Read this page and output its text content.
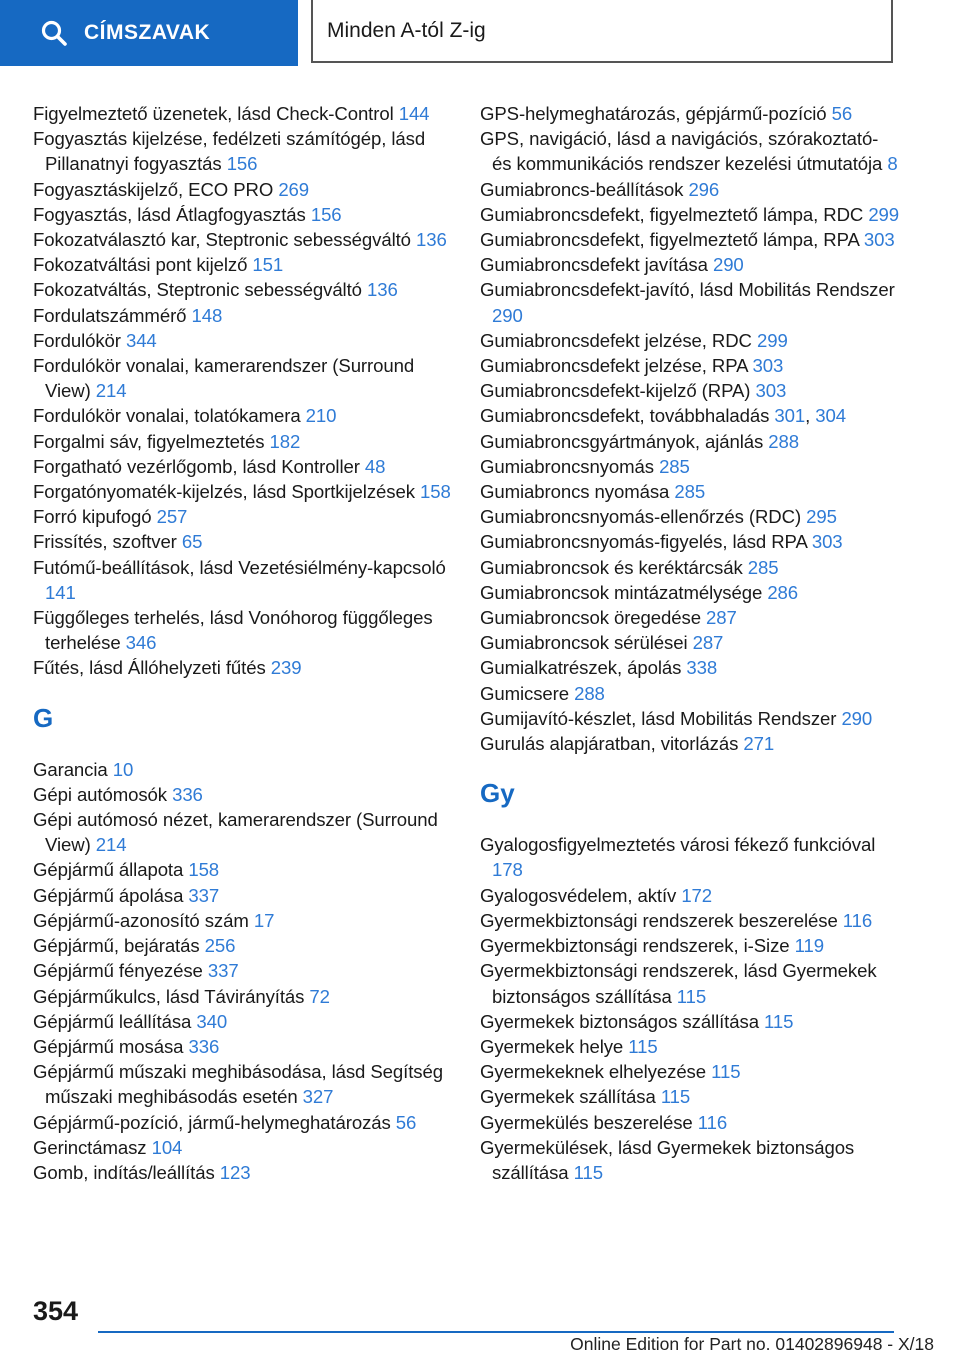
CÍMSZAVAK	Minden A-tól Z-ig
Figyelmeztető üzenetek, lásd Check-Control 144
Fogyasztás kijelzése, fedélzeti számítógép, lásd Pillanatnyi fogyasztás 156
Fogyasztáskijelző, ECO PRO 269
Fogyasztás, lásd Átlagfogyasztás 156
Fokozatválasztó kar, Steptronic sebességváltó 136
Fokozatváltási pont kijelző 151
Fokozatváltás, Steptronic sebességváltó 136
Fordulatszámmérő 148
Fordulókör 344
Fordulókör vonalai, kamerarendszer (Surround View) 214
Fordulókör vonalai, tolatókamera 210
Forgalmi sáv, figyelmeztetés 182
Forgatható vezérlőgomb, lásd Kontroller 48
Forgatónyomaték-kijelzés, lásd Sportkijelzések 158
Forró kipufogó 257
Frissítés, szoftver 65
Futómű-beállítások, lásd Vezetésiélmény-kapcsoló 141
Függőleges terhelés, lásd Vonóhorog függőleges terhelése 346
Fűtés, lásd Állóhelyzeti fűtés 239
G
Garancia 10
Gépi autómosók 336
Gépi autómosó nézet, kamerarendszer (Surround View) 214
Gépjármű állapota 158
Gépjármű ápolása 337
Gépjármű-azonosító szám 17
Gépjármű, bejáratás 256
Gépjármű fényezése 337
Gépjárműkulcs, lásd Távirányítás 72
Gépjármű leállítása 340
Gépjármű mosása 336
Gépjármű műszaki meghibásodása, lásd Segítség műszaki meghibásodás esetén 327
Gépjármű-pozíció, jármű-helymeghatározás 56
Gerinctámasz 104
Gomb, indítás/leállítás 123
GPS-helymeghatározás, gépjármű-pozíció 56
GPS, navigáció, lásd a navigációs, szórakoztató- és kommunikációs rendszer kezelési útmutatója 8
Gumiabroncs-beállítások 296
Gumiabroncsdefekt, figyelmeztető lámpa, RDC 299
Gumiabroncsdefekt, figyelmeztető lámpa, RPA 303
Gumiabroncsdefekt javítása 290
Gumiabroncsdefekt-javító, lásd Mobilitás Rendszer 290
Gumiabroncsdefekt jelzése, RDC 299
Gumiabroncsdefekt jelzése, RPA 303
Gumiabroncsdefekt-kijelző (RPA) 303
Gumiabroncsdefekt, továbbhaladás 301, 304
Gumiabroncsgyártmányok, ajánlás 288
Gumiabroncsnyomás 285
Gumiabroncs nyomása 285
Gumiabroncsnyomás-ellenőrzés (RDC) 295
Gumiabroncsnyomás-figyelés, lásd RPA 303
Gumiabroncsok és keréktárcsák 285
Gumiabroncsok mintázatmélysége 286
Gumiabroncsok öregedése 287
Gumiabroncsok sérülései 287
Gumialkatrészek, ápolás 338
Gumicsere 288
Gumijavító-készlet, lásd Mobilitás Rendszer 290
Gurulás alapjáratban, vitorlázás 271
Gy
Gyalogosfigyelmeztetés városi fékező funkcióval 178
Gyalogosvédelem, aktív 172
Gyermekbiztonsági rendszerek beszerelése 116
Gyermekbiztonsági rendszerek, i-Size 119
Gyermekbiztonsági rendszerek, lásd Gyermekek biztonságos szállítása 115
Gyermekek biztonságos szállítása 115
Gyermekek helye 115
Gyermekeknek elhelyezése 115
Gyermekek szállítása 115
Gyermekülés beszerelése 116
Gyermekülések, lásd Gyermekek biztonságos szállítása 115
354
Online Edition for Part no. 01402896948 - X/18
